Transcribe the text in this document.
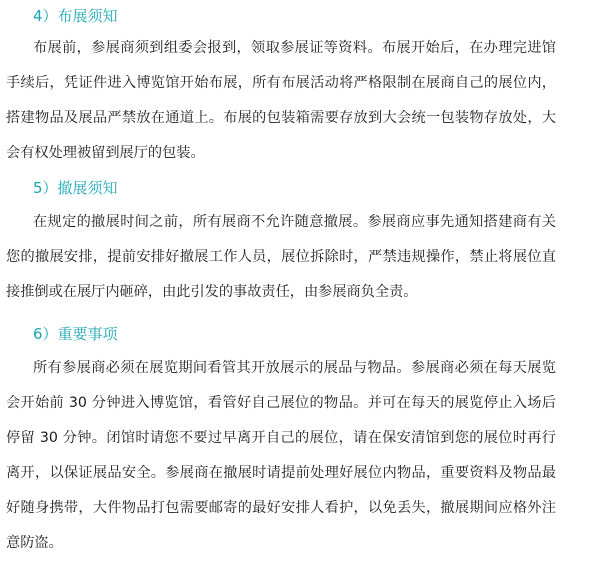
4）布展须知

布展前，参展商须到组委会报到，领取参展证等资料。布展开始后，在办理完进馆手续后，凭证件进入博览馆开始布展，所有布展活动将严格限制在展商自己的展位内，搭建物品及展品严禁放在通道上。布展的包装箱需要存放到大会统一包装物存放处，大会有权处理被留到展厅的包装。

5）撤展须知

在规定的撤展时间之前，所有展商不允许随意撤展。参展商应事先通知搭建商有关您的撤展安排，提前安排好撤展工作人员，展位拆除时，严禁违规操作，禁止将展位直接推倒或在展厅内砸碎，由此引发的事故责任，由参展商负全责。

6）重要事项

所有参展商必须在展览期间看管其开放展示的展品与物品。参展商必须在每天展览会开始前 30 分钟进入博览馆，看管好自己展位的物品。并可在每天的展览停止入场后停留 30 分钟。闭馆时请您不要过早离开自己的展位，请在保安清馆到您的展位时再行离开，以保证展品安全。参展商在撤展时请提前处理好展位内物品，重要资料及物品最好随身携带，大件物品打包需要邮寄的最好安排人看护，以免丢失，撤展期间应格外注意防盗。
